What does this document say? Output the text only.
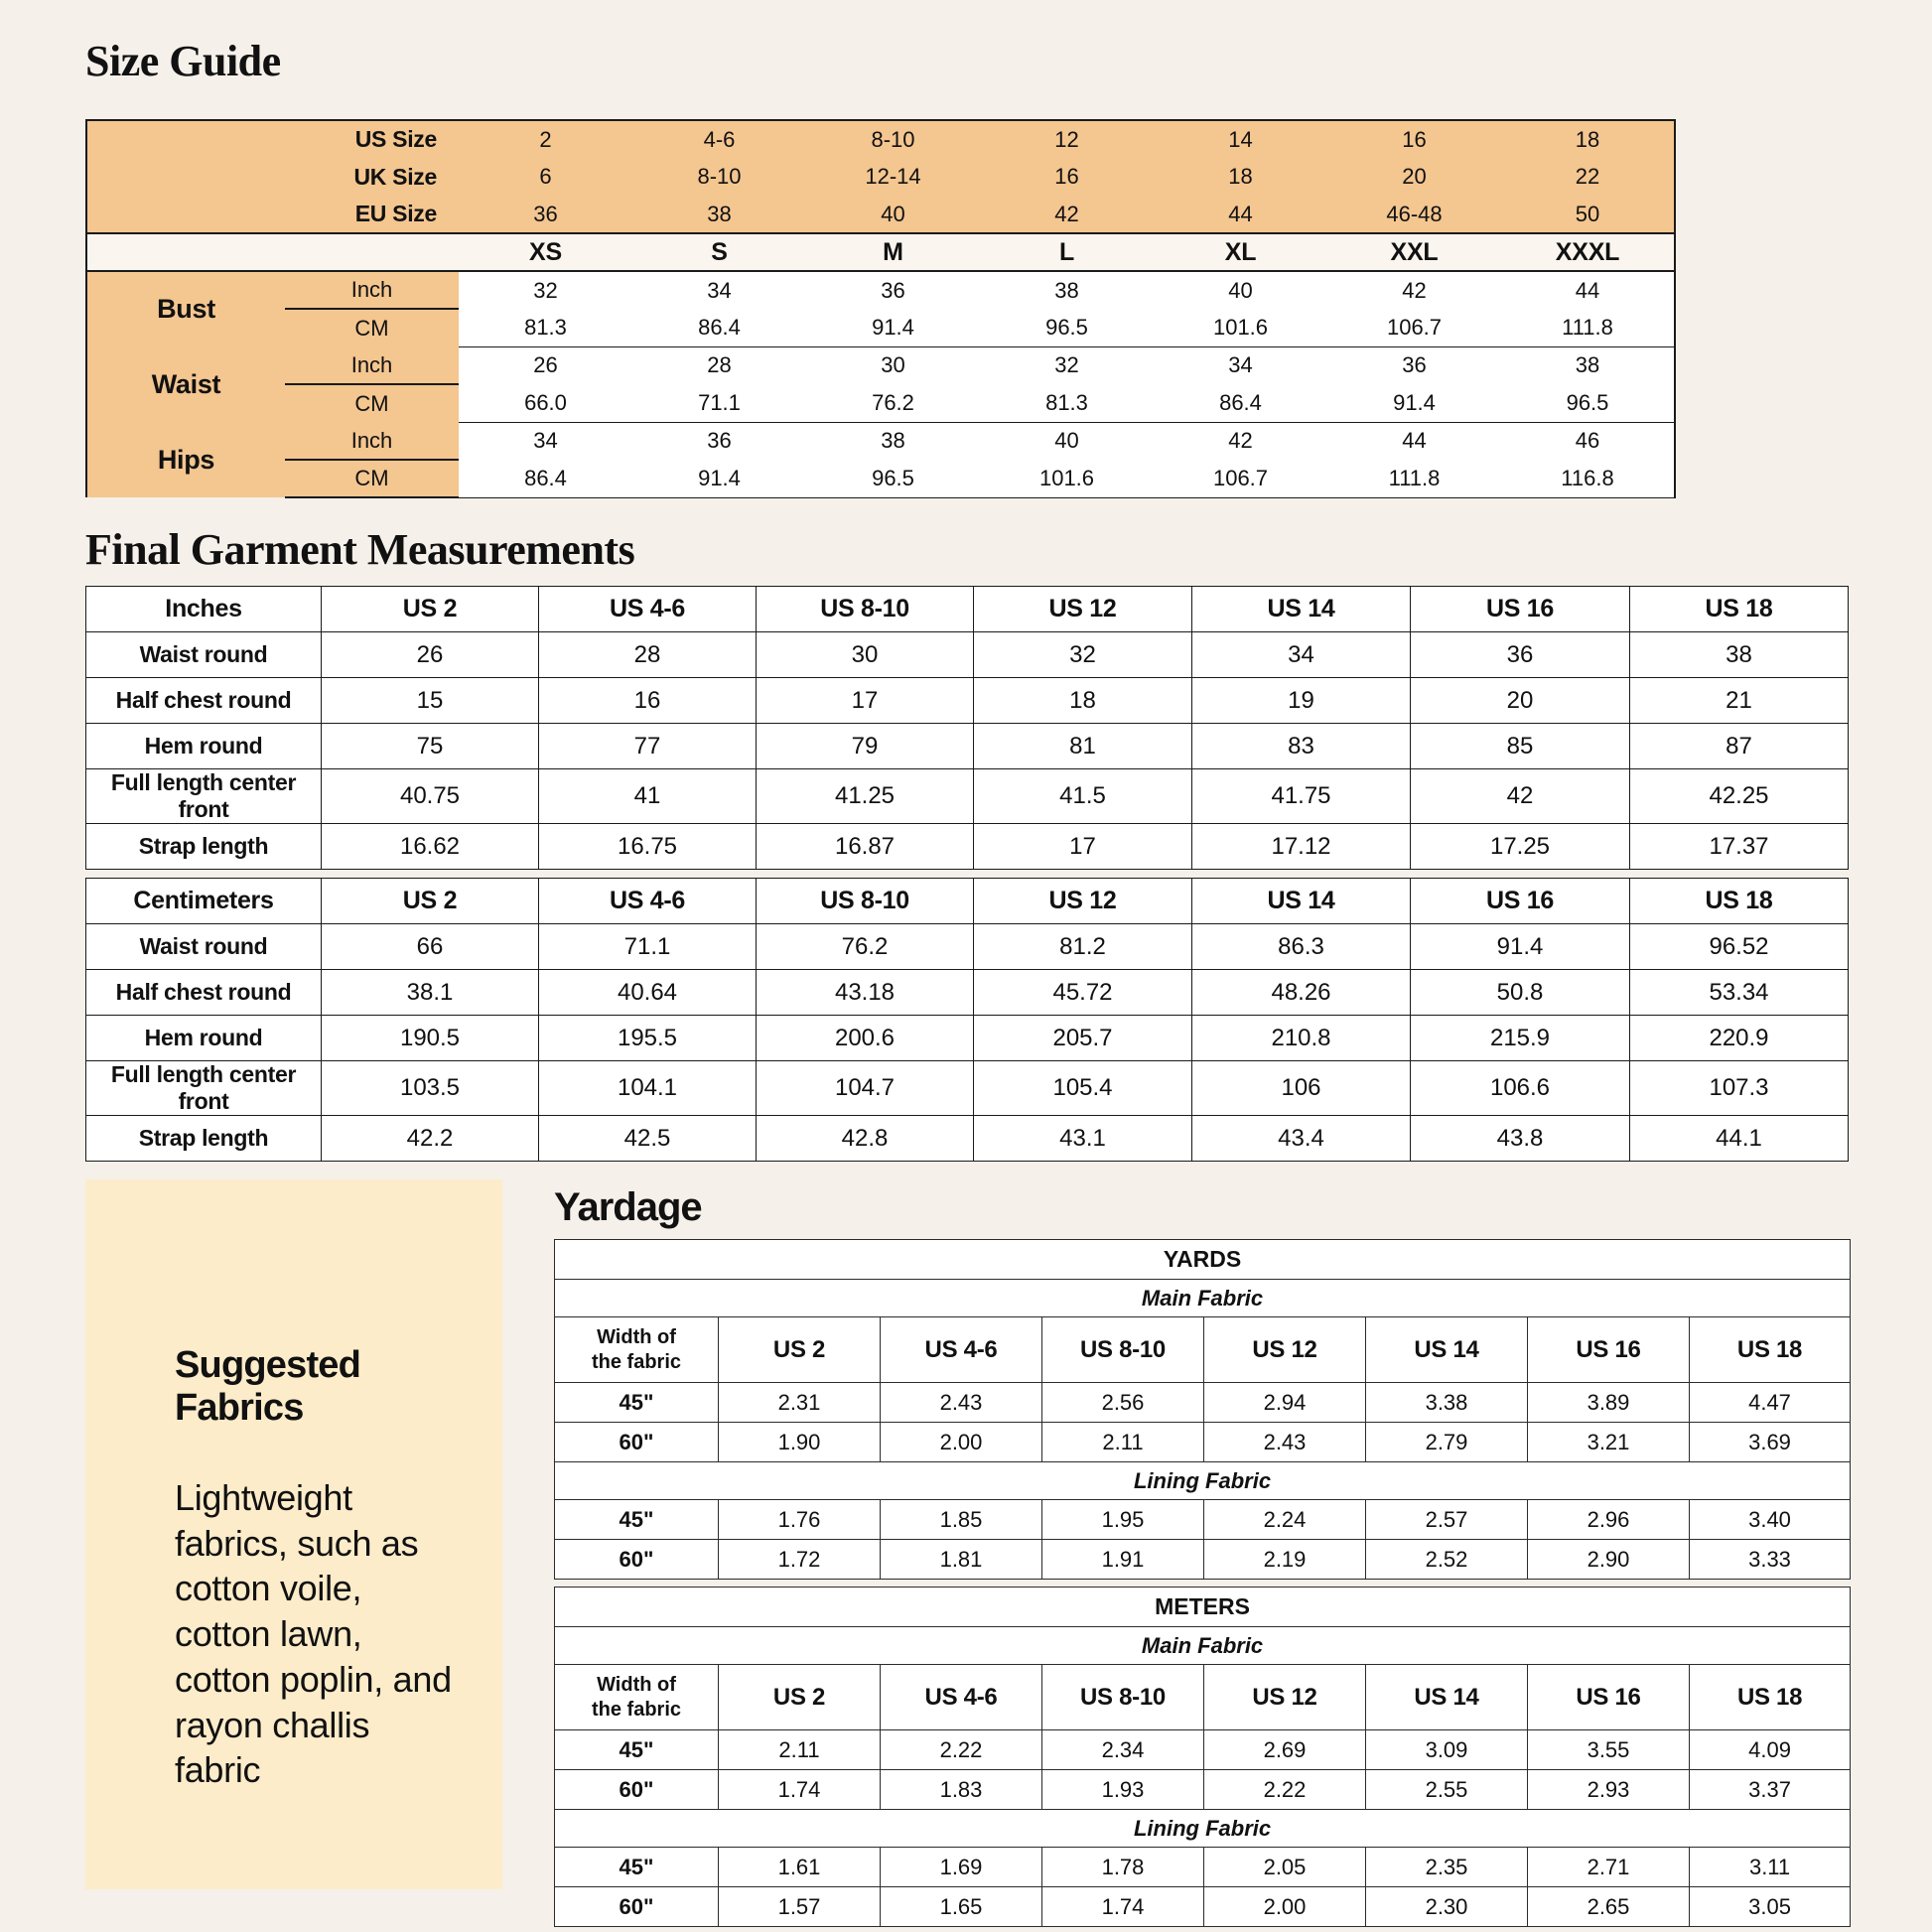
Size Guide
	US Size	2	4-6	8-10	12	14	16	18
	UK Size	6	8-10	12-14	16	18	20	22
	EU Size	36	38	40	42	44	46-48	50
		XS	S	M	L	XL	XXL	XXXL
Bust	Inch	32	34	36	38	40	42	44
	CM	81.3	86.4	91.4	96.5	101.6	106.7	111.8
Waist	Inch	26	28	30	32	34	36	38
	CM	66.0	71.1	76.2	81.3	86.4	91.4	96.5
Hips	Inch	34	36	38	40	42	44	46
	CM	86.4	91.4	96.5	101.6	106.7	111.8	116.8
Final Garment Measurements
Inches	US 2	US 4-6	US 8-10	US 12	US 14	US 16	US 18
Waist round	26	28	30	32	34	36	38
Half chest round	15	16	17	18	19	20	21
Hem round	75	77	79	81	83	85	87
Full length center front	40.75	41	41.25	41.5	41.75	42	42.25
Strap length	16.62	16.75	16.87	17	17.12	17.25	17.37
Centimeters	US 2	US 4-6	US 8-10	US 12	US 14	US 16	US 18
Waist round	66	71.1	76.2	81.2	86.3	91.4	96.52
Half chest round	38.1	40.64	43.18	45.72	48.26	50.8	53.34
Hem round	190.5	195.5	200.6	205.7	210.8	215.9	220.9
Full length center front	103.5	104.1	104.7	105.4	106	106.6	107.3
Strap length	42.2	42.5	42.8	43.1	43.4	43.8	44.1
Suggested Fabrics
Lightweight fabrics, such as cotton voile, cotton lawn, cotton poplin, and rayon challis fabric
Yardage
YARDS							
Main Fabric							

Width of
the fabric	US 2	US 4-6	US 8-10	US 12	US 14	US 16	US 18
45"	2.31	2.43	2.56	2.94	3.38	3.89	4.47
60"	1.90	2.00	2.11	2.43	2.79	3.21	3.69
Lining Fabric							
45"	1.76	1.85	1.95	2.24	2.57	2.96	3.40
60"	1.72	1.81	1.91	2.19	2.52	2.90	3.33
METERS							
Main Fabric							

Width of
the fabric	US 2	US 4-6	US 8-10	US 12	US 14	US 16	US 18
45"	2.11	2.22	2.34	2.69	3.09	3.55	4.09
60"	1.74	1.83	1.93	2.22	2.55	2.93	3.37
Lining Fabric							
45"	1.61	1.69	1.78	2.05	2.35	2.71	3.11
60"	1.57	1.65	1.74	2.00	2.30	2.65	3.05
